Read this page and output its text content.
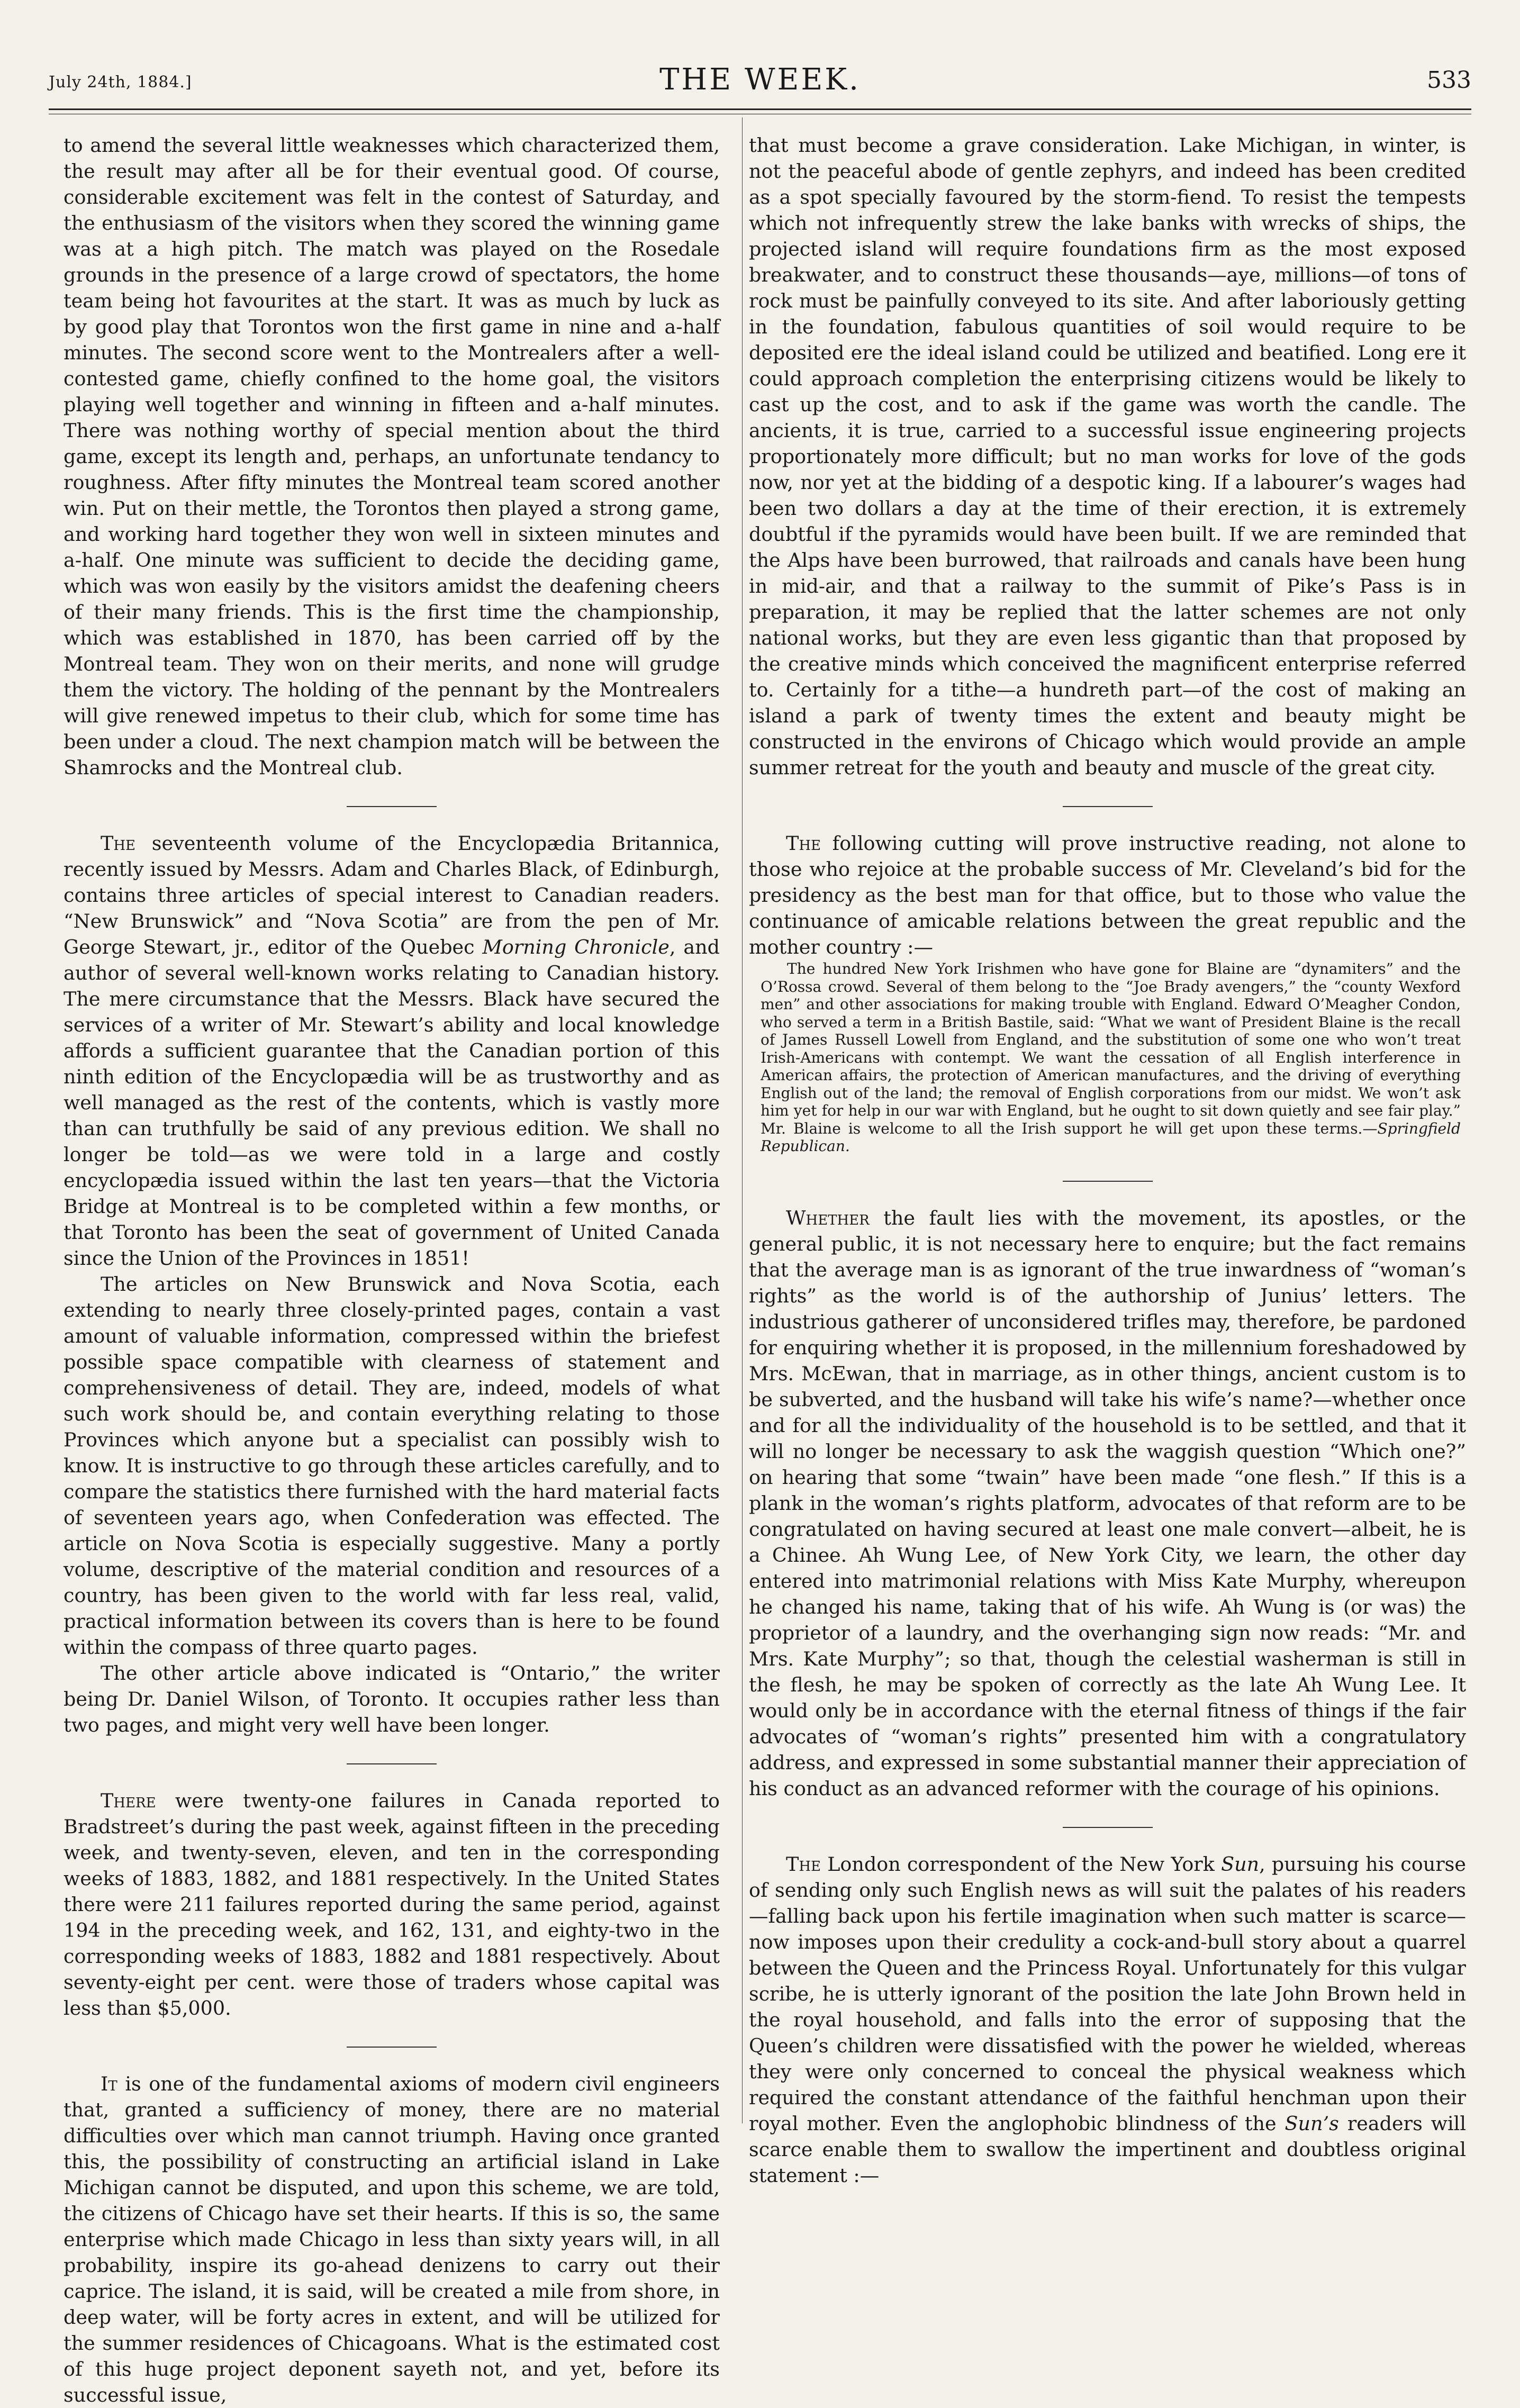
July 24th, 1884.]	THE WEEK.	533

to amend the several little weaknesses which characterized them, the result may after all be for their eventual good. Of course, considerable excitement was felt in the contest of Saturday, and the enthusiasm of the visitors when they scored the winning game was at a high pitch. The match was played on the Rosedale grounds in the presence of a large crowd of spectators, the home team being hot favourites at the start. It was as much by luck as by good play that Torontos won the first game in nine and a-half minutes. The second score went to the Montrealers after a well-contested game, chiefly confined to the home goal, the visitors playing well together and winning in fifteen and a-half minutes. There was nothing worthy of special mention about the third game, except its length and, perhaps, an unfortunate tendancy to roughness. After fifty minutes the Montreal team scored another win. Put on their mettle, the Torontos then played a strong game, and working hard together they won well in sixteen minutes and a-half. One minute was sufficient to decide the deciding game, which was won easily by the visitors amidst the deafening cheers of their many friends. This is the first time the championship, which was established in 1870, has been carried off by the Montreal team. They won on their merits, and none will grudge them the victory. The holding of the pennant by the Montrealers will give renewed impetus to their club, which for some time has been under a cloud. The next champion match will be between the Shamrocks and the Montreal club.

The seventeenth volume of the Encyclopædia Britannica, recently issued by Messrs. Adam and Charles Black, of Edinburgh, contains three articles of special interest to Canadian readers. “New Brunswick” and “Nova Scotia” are from the pen of Mr. George Stewart, jr., editor of the Quebec Morning Chronicle, and author of several well-known works relating to Canadian history. The mere circumstance that the Messrs. Black have secured the services of a writer of Mr. Stewart’s ability and local knowledge affords a sufficient guarantee that the Canadian portion of this ninth edition of the Encyclopædia will be as trustworthy and as well managed as the rest of the contents, which is vastly more than can truthfully be said of any previous edition. We shall no longer be told—as we were told in a large and costly encyclopædia issued within the last ten years—that the Victoria Bridge at Montreal is to be completed within a few months, or that Toronto has been the seat of government of United Canada since the Union of the Provinces in 1851!

The articles on New Brunswick and Nova Scotia, each extending to nearly three closely-printed pages, contain a vast amount of valuable information, compressed within the briefest possible space compatible with clearness of statement and comprehensiveness of detail. They are, indeed, models of what such work should be, and contain everything relating to those Provinces which anyone but a specialist can possibly wish to know. It is instructive to go through these articles carefully, and to compare the statistics there furnished with the hard material facts of seventeen years ago, when Confederation was effected. The article on Nova Scotia is especially suggestive. Many a portly volume, descriptive of the material condition and resources of a country, has been given to the world with far less real, valid, practical information between its covers than is here to be found within the compass of three quarto pages.

The other article above indicated is “Ontario,” the writer being Dr. Daniel Wilson, of Toronto. It occupies rather less than two pages, and might very well have been longer.

There were twenty-one failures in Canada reported to Bradstreet’s during the past week, against fifteen in the preceding week, and twenty-seven, eleven, and ten in the corresponding weeks of 1883, 1882, and 1881 respectively. In the United States there were 211 failures reported during the same period, against 194 in the preceding week, and 162, 131, and eighty-two in the corresponding weeks of 1883, 1882 and 1881 respectively. About seventy-eight per cent. were those of traders whose capital was less than $5,000.

It is one of the fundamental axioms of modern civil engineers that, granted a sufficiency of money, there are no material difficulties over which man cannot triumph. Having once granted this, the possibility of constructing an artificial island in Lake Michigan cannot be disputed, and upon this scheme, we are told, the citizens of Chicago have set their hearts. If this is so, the same enterprise which made Chicago in less than sixty years will, in all probability, inspire its go-ahead denizens to carry out their caprice. The island, it is said, will be created a mile from shore, in deep water, will be forty acres in extent, and will be utilized for the summer residences of Chicagoans. What is the estimated cost of this huge project deponent sayeth not, and yet, before its successful issue,

that must become a grave consideration. Lake Michigan, in winter, is not the peaceful abode of gentle zephyrs, and indeed has been credited as a spot specially favoured by the storm-fiend. To resist the tempests which not infrequently strew the lake banks with wrecks of ships, the projected island will require foundations firm as the most exposed breakwater, and to construct these thousands—aye, millions—of tons of rock must be painfully conveyed to its site. And after laboriously getting in the foundation, fabulous quantities of soil would require to be deposited ere the ideal island could be utilized and beatified. Long ere it could approach completion the enterprising citizens would be likely to cast up the cost, and to ask if the game was worth the candle. The ancients, it is true, carried to a successful issue engineering projects proportionately more difficult; but no man works for love of the gods now, nor yet at the bidding of a despotic king. If a labourer’s wages had been two dollars a day at the time of their erection, it is extremely doubtful if the pyramids would have been built. If we are reminded that the Alps have been burrowed, that railroads and canals have been hung in mid-air, and that a railway to the summit of Pike’s Pass is in preparation, it may be replied that the latter schemes are not only national works, but they are even less gigantic than that proposed by the creative minds which conceived the magnificent enterprise referred to. Certainly for a tithe—a hundreth part—of the cost of making an island a park of twenty times the extent and beauty might be constructed in the environs of Chicago which would provide an ample summer retreat for the youth and beauty and muscle of the great city.

The following cutting will prove instructive reading, not alone to those who rejoice at the probable success of Mr. Cleveland’s bid for the presidency as the best man for that office, but to those who value the continuance of amicable relations between the great republic and the mother country :—

The hundred New York Irishmen who have gone for Blaine are “dynamiters” and the O’Rossa crowd. Several of them belong to the “Joe Brady avengers,” the “county Wexford men” and other associations for making trouble with England. Edward O’Meagher Condon, who served a term in a British Bastile, said: “What we want of President Blaine is the recall of James Russell Lowell from England, and the substitution of some one who won’t treat Irish-Americans with contempt. We want the cessation of all English interference in American affairs, the protection of American manufactures, and the driving of everything English out of the land; the removal of English corporations from our midst. We won’t ask him yet for help in our war with England, but he ought to sit down quietly and see fair play.” Mr. Blaine is welcome to all the Irish support he will get upon these terms.—Springfield Republican.

Whether the fault lies with the movement, its apostles, or the general public, it is not necessary here to enquire; but the fact remains that the average man is as ignorant of the true inwardness of “woman’s rights” as the world is of the authorship of Junius’ letters. The industrious gatherer of unconsidered trifles may, therefore, be pardoned for enquiring whether it is proposed, in the millennium foreshadowed by Mrs. McEwan, that in marriage, as in other things, ancient custom is to be subverted, and the husband will take his wife’s name?—whether once and for all the individuality of the household is to be settled, and that it will no longer be necessary to ask the waggish question “Which one?” on hearing that some “twain” have been made “one flesh.” If this is a plank in the woman’s rights platform, advocates of that reform are to be congratulated on having secured at least one male convert—albeit, he is a Chinee. Ah Wung Lee, of New York City, we learn, the other day entered into matrimonial relations with Miss Kate Murphy, whereupon he changed his name, taking that of his wife. Ah Wung is (or was) the proprietor of a laundry, and the overhanging sign now reads: “Mr. and Mrs. Kate Murphy”; so that, though the celestial washerman is still in the flesh, he may be spoken of correctly as the late Ah Wung Lee. It would only be in accordance with the eternal fitness of things if the fair advocates of “woman’s rights” presented him with a congratulatory address, and expressed in some substantial manner their appreciation of his conduct as an advanced reformer with the courage of his opinions.

The London correspondent of the New York Sun, pursuing his course of sending only such English news as will suit the palates of his readers—falling back upon his fertile imagination when such matter is scarce—now imposes upon their credulity a cock-and-bull story about a quarrel between the Queen and the Princess Royal. Unfortunately for this vulgar scribe, he is utterly ignorant of the position the late John Brown held in the royal household, and falls into the error of supposing that the Queen’s children were dissatisfied with the power he wielded, whereas they were only concerned to conceal the physical weakness which required the constant attendance of the faithful henchman upon their royal mother. Even the anglophobic blindness of the Sun’s readers will scarce enable them to swallow the impertinent and doubtless original statement :—
